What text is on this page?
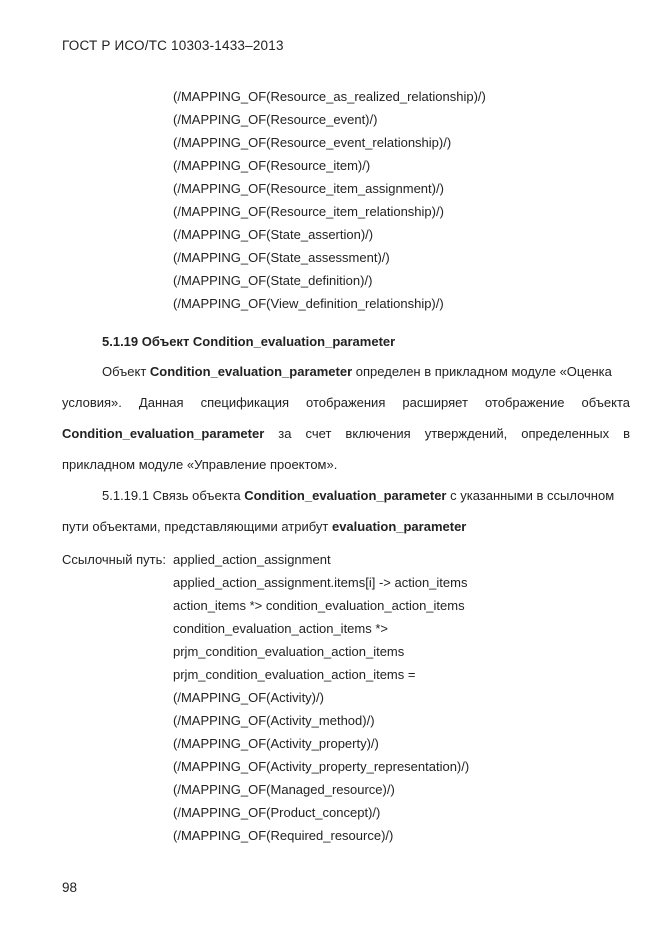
ГОСТ Р ИСО/ТС 10303-1433–2013
(/MAPPING_OF(Resource_as_realized_relationship)/)
(/MAPPING_OF(Resource_event)/)
(/MAPPING_OF(Resource_event_relationship)/)
(/MAPPING_OF(Resource_item)/)
(/MAPPING_OF(Resource_item_assignment)/)
(/MAPPING_OF(Resource_item_relationship)/)
(/MAPPING_OF(State_assertion)/)
(/MAPPING_OF(State_assessment)/)
(/MAPPING_OF(State_definition)/)
(/MAPPING_OF(View_definition_relationship)/)
5.1.19 Объект Condition_evaluation_parameter
Объект Condition_evaluation_parameter определен в прикладном модуле «Оценка
условия». Данная спецификация отображения расширяет отображение объекта
Condition_evaluation_parameter за счет включения утверждений, определенных в
прикладном модуле «Управление проектом».
5.1.19.1 Связь объекта Condition_evaluation_parameter с указанными в ссылочном
пути объектами, представляющими атрибут evaluation_parameter
Ссылочный путь: applied_action_assignment
applied_action_assignment.items[i] -> action_items
action_items *> condition_evaluation_action_items
condition_evaluation_action_items *>
prjm_condition_evaluation_action_items
prjm_condition_evaluation_action_items =
(/MAPPING_OF(Activity)/)
(/MAPPING_OF(Activity_method)/)
(/MAPPING_OF(Activity_property)/)
(/MAPPING_OF(Activity_property_representation)/)
(/MAPPING_OF(Managed_resource)/)
(/MAPPING_OF(Product_concept)/)
(/MAPPING_OF(Required_resource)/)
98
